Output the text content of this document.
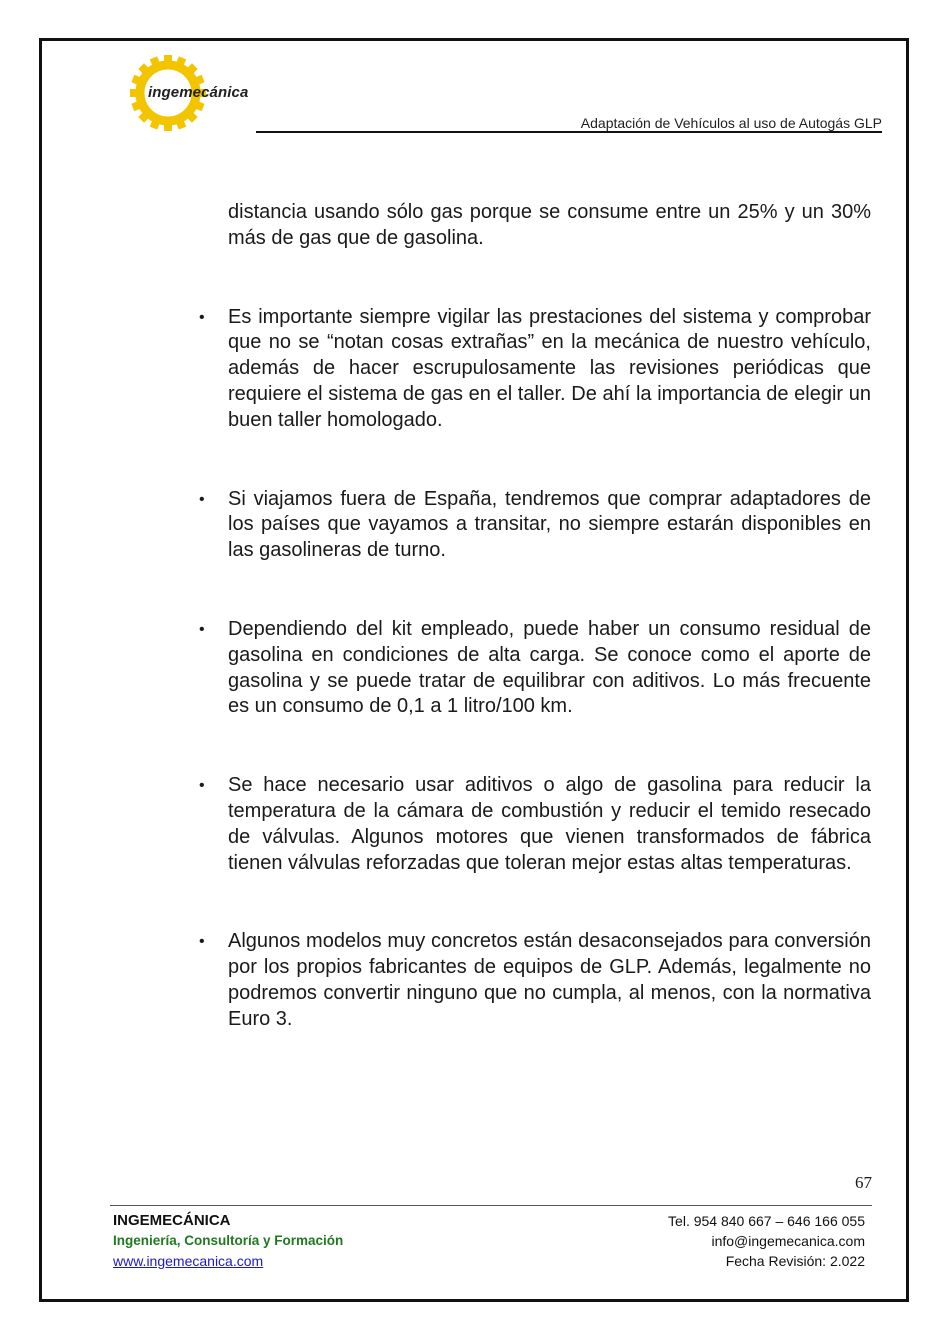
ingemecánica
Adaptación de Vehículos al uso de Autogás GLP

distancia usando sólo gas porque se consume entre un 25% y un 30% más de gas que de gasolina.

• Es importante siempre vigilar las prestaciones del sistema y comprobar que no se “notan cosas extrañas” en la mecánica de nuestro vehículo, además de hacer escrupulosamente las revisiones periódicas que requiere el sistema de gas en el taller. De ahí la importancia de elegir un buen taller homologado.

• Si viajamos fuera de España, tendremos que comprar adaptadores de los países que vayamos a transitar, no siempre estarán disponibles en las gasolineras de turno.

• Dependiendo del kit empleado, puede haber un consumo residual de gasolina en condiciones de alta carga. Se conoce como el aporte de gasolina y se puede tratar de equilibrar con aditivos. Lo más frecuente es un consumo de 0,1 a 1 litro/100 km.

• Se hace necesario usar aditivos o algo de gasolina para reducir la temperatura de la cámara de combustión y reducir el temido resecado de válvulas. Algunos motores que vienen transformados de fábrica tienen válvulas reforzadas que toleran mejor estas altas temperaturas.

• Algunos modelos muy concretos están desaconsejados para conversión por los propios fabricantes de equipos de GLP. Además, legalmente no podremos convertir ninguno que no cumpla, al menos, con la normativa Euro 3.

67
INGEMECÁNICA
Ingeniería, Consultoría y Formación
www.ingemecanica.com
Tel. 954 840 667 – 646 166 055
info@ingemecanica.com
Fecha Revisión: 2.022
